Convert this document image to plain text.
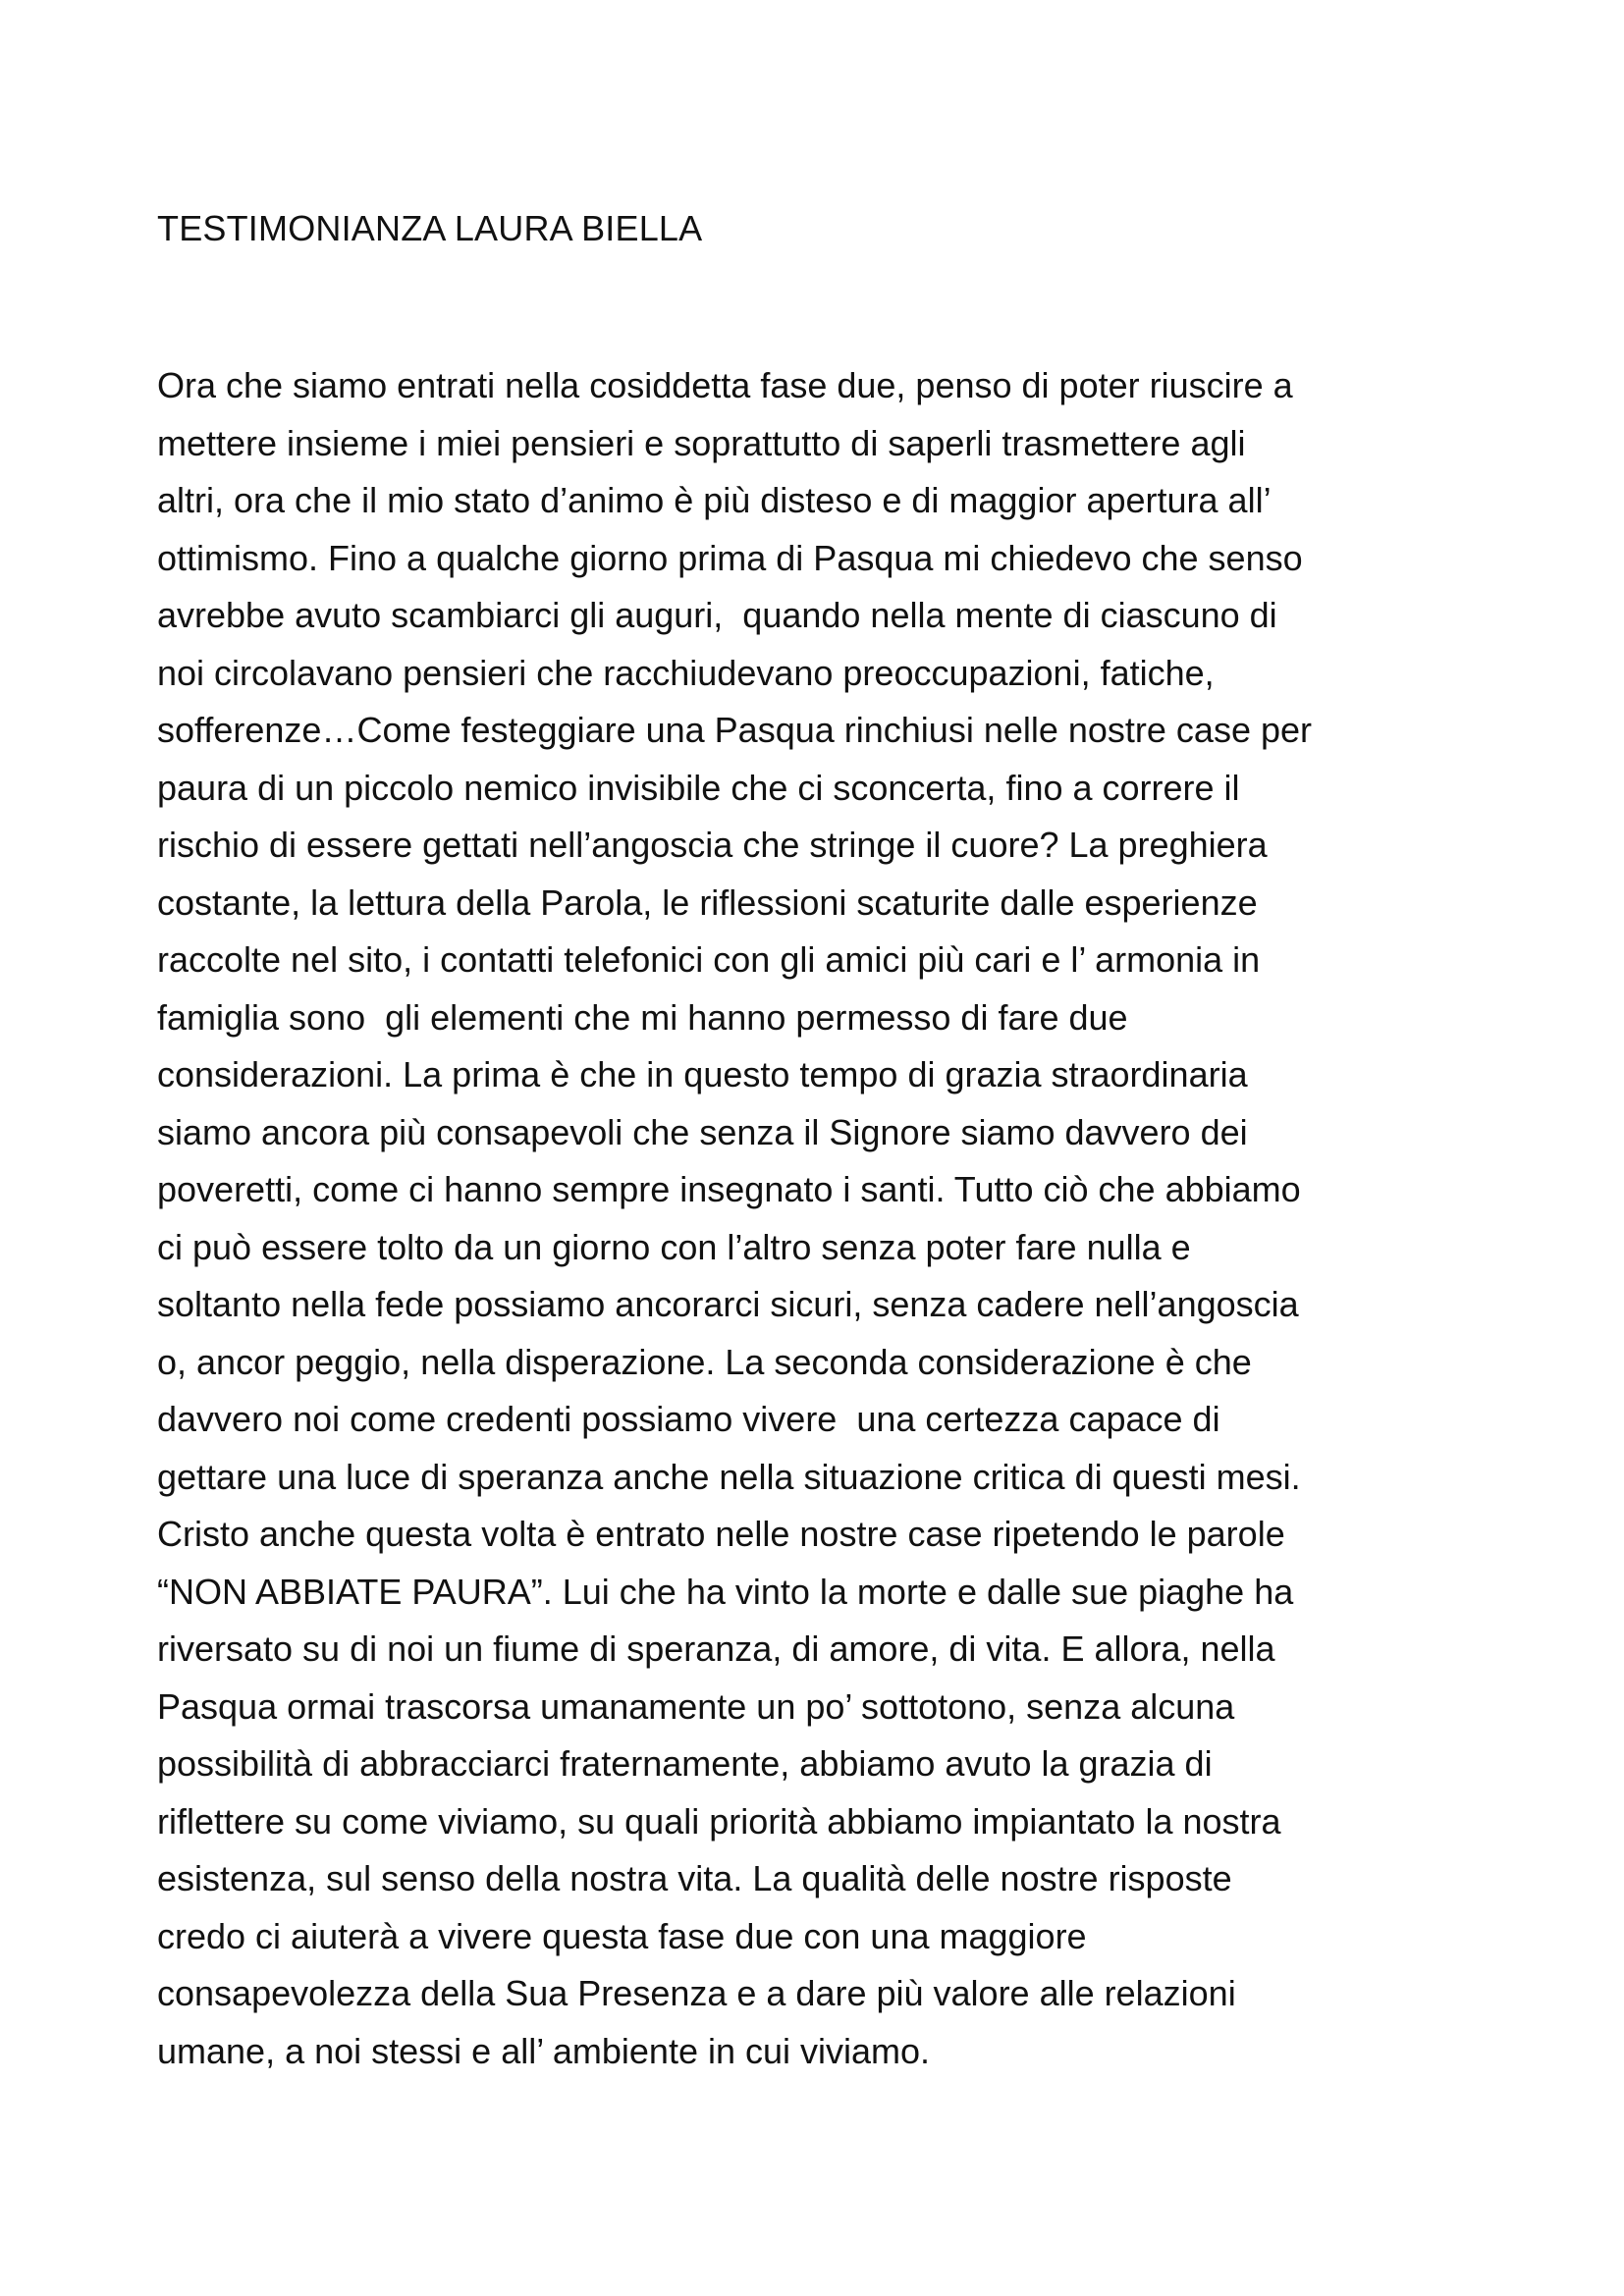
TESTIMONIANZA LAURA BIELLA
Ora che siamo entrati nella cosiddetta fase due, penso di poter riuscire a
mettere insieme i miei pensieri e soprattutto di saperli trasmettere agli
altri, ora che il mio stato d’animo è più disteso e di maggior apertura all’
ottimismo. Fino a qualche giorno prima di Pasqua mi chiedevo che senso
avrebbe avuto scambiarci gli auguri,  quando nella mente di ciascuno di
noi circolavano pensieri che racchiudevano preoccupazioni, fatiche,
sofferenze…Come festeggiare una Pasqua rinchiusi nelle nostre case per
paura di un piccolo nemico invisibile che ci sconcerta, fino a correre il
rischio di essere gettati nell’angoscia che stringe il cuore? La preghiera
costante, la lettura della Parola, le riflessioni scaturite dalle esperienze
raccolte nel sito, i contatti telefonici con gli amici più cari e l’ armonia in
famiglia sono  gli elementi che mi hanno permesso di fare due
considerazioni. La prima è che in questo tempo di grazia straordinaria
siamo ancora più consapevoli che senza il Signore siamo davvero dei
poveretti, come ci hanno sempre insegnato i santi. Tutto ciò che abbiamo
ci può essere tolto da un giorno con l’altro senza poter fare nulla e
soltanto nella fede possiamo ancorarci sicuri, senza cadere nell’angoscia
o, ancor peggio, nella disperazione. La seconda considerazione è che
davvero noi come credenti possiamo vivere  una certezza capace di
gettare una luce di speranza anche nella situazione critica di questi mesi.
Cristo anche questa volta è entrato nelle nostre case ripetendo le parole
“NON ABBIATE PAURA”. Lui che ha vinto la morte e dalle sue piaghe ha
riversato su di noi un fiume di speranza, di amore, di vita. E allora, nella
Pasqua ormai trascorsa umanamente un po’ sottotono, senza alcuna
possibilità di abbracciarci fraternamente, abbiamo avuto la grazia di
riflettere su come viviamo, su quali priorità abbiamo impiantato la nostra
esistenza, sul senso della nostra vita. La qualità delle nostre risposte
credo ci aiuterà a vivere questa fase due con una maggiore
consapevolezza della Sua Presenza e a dare più valore alle relazioni
umane, a noi stessi e all’ ambiente in cui viviamo.
